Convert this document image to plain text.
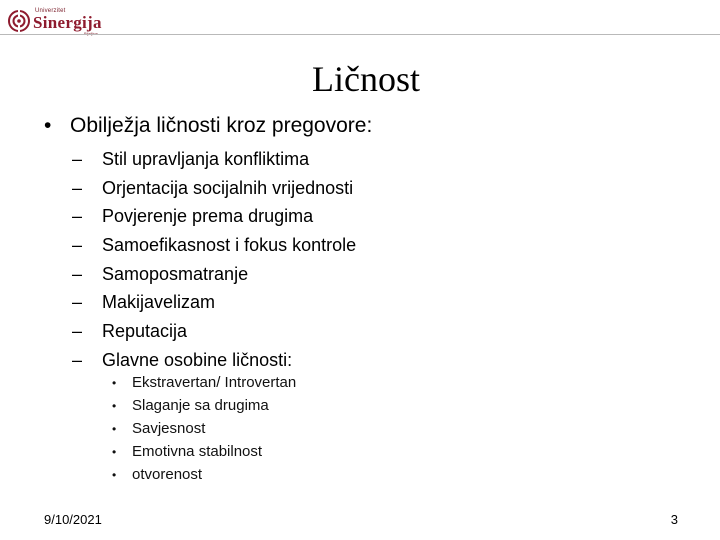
Univerzitet
Sinergija
Ličnost
• Obilježja ličnosti kroz pregovore:
– Stil upravljanja konfliktima
– Orjentacija socijalnih vrijednosti
– Povjerenje prema drugima
– Samoefikasnost i fokus kontrole
– Samoposmatranje
– Makijavelizam
– Reputacija
– Glavne osobine ličnosti:
• Ekstravertan/ Introvertan
• Slaganje sa drugima
• Savjesnost
• Emotivna stabilnost
• otvorenost
9/10/2021	3
